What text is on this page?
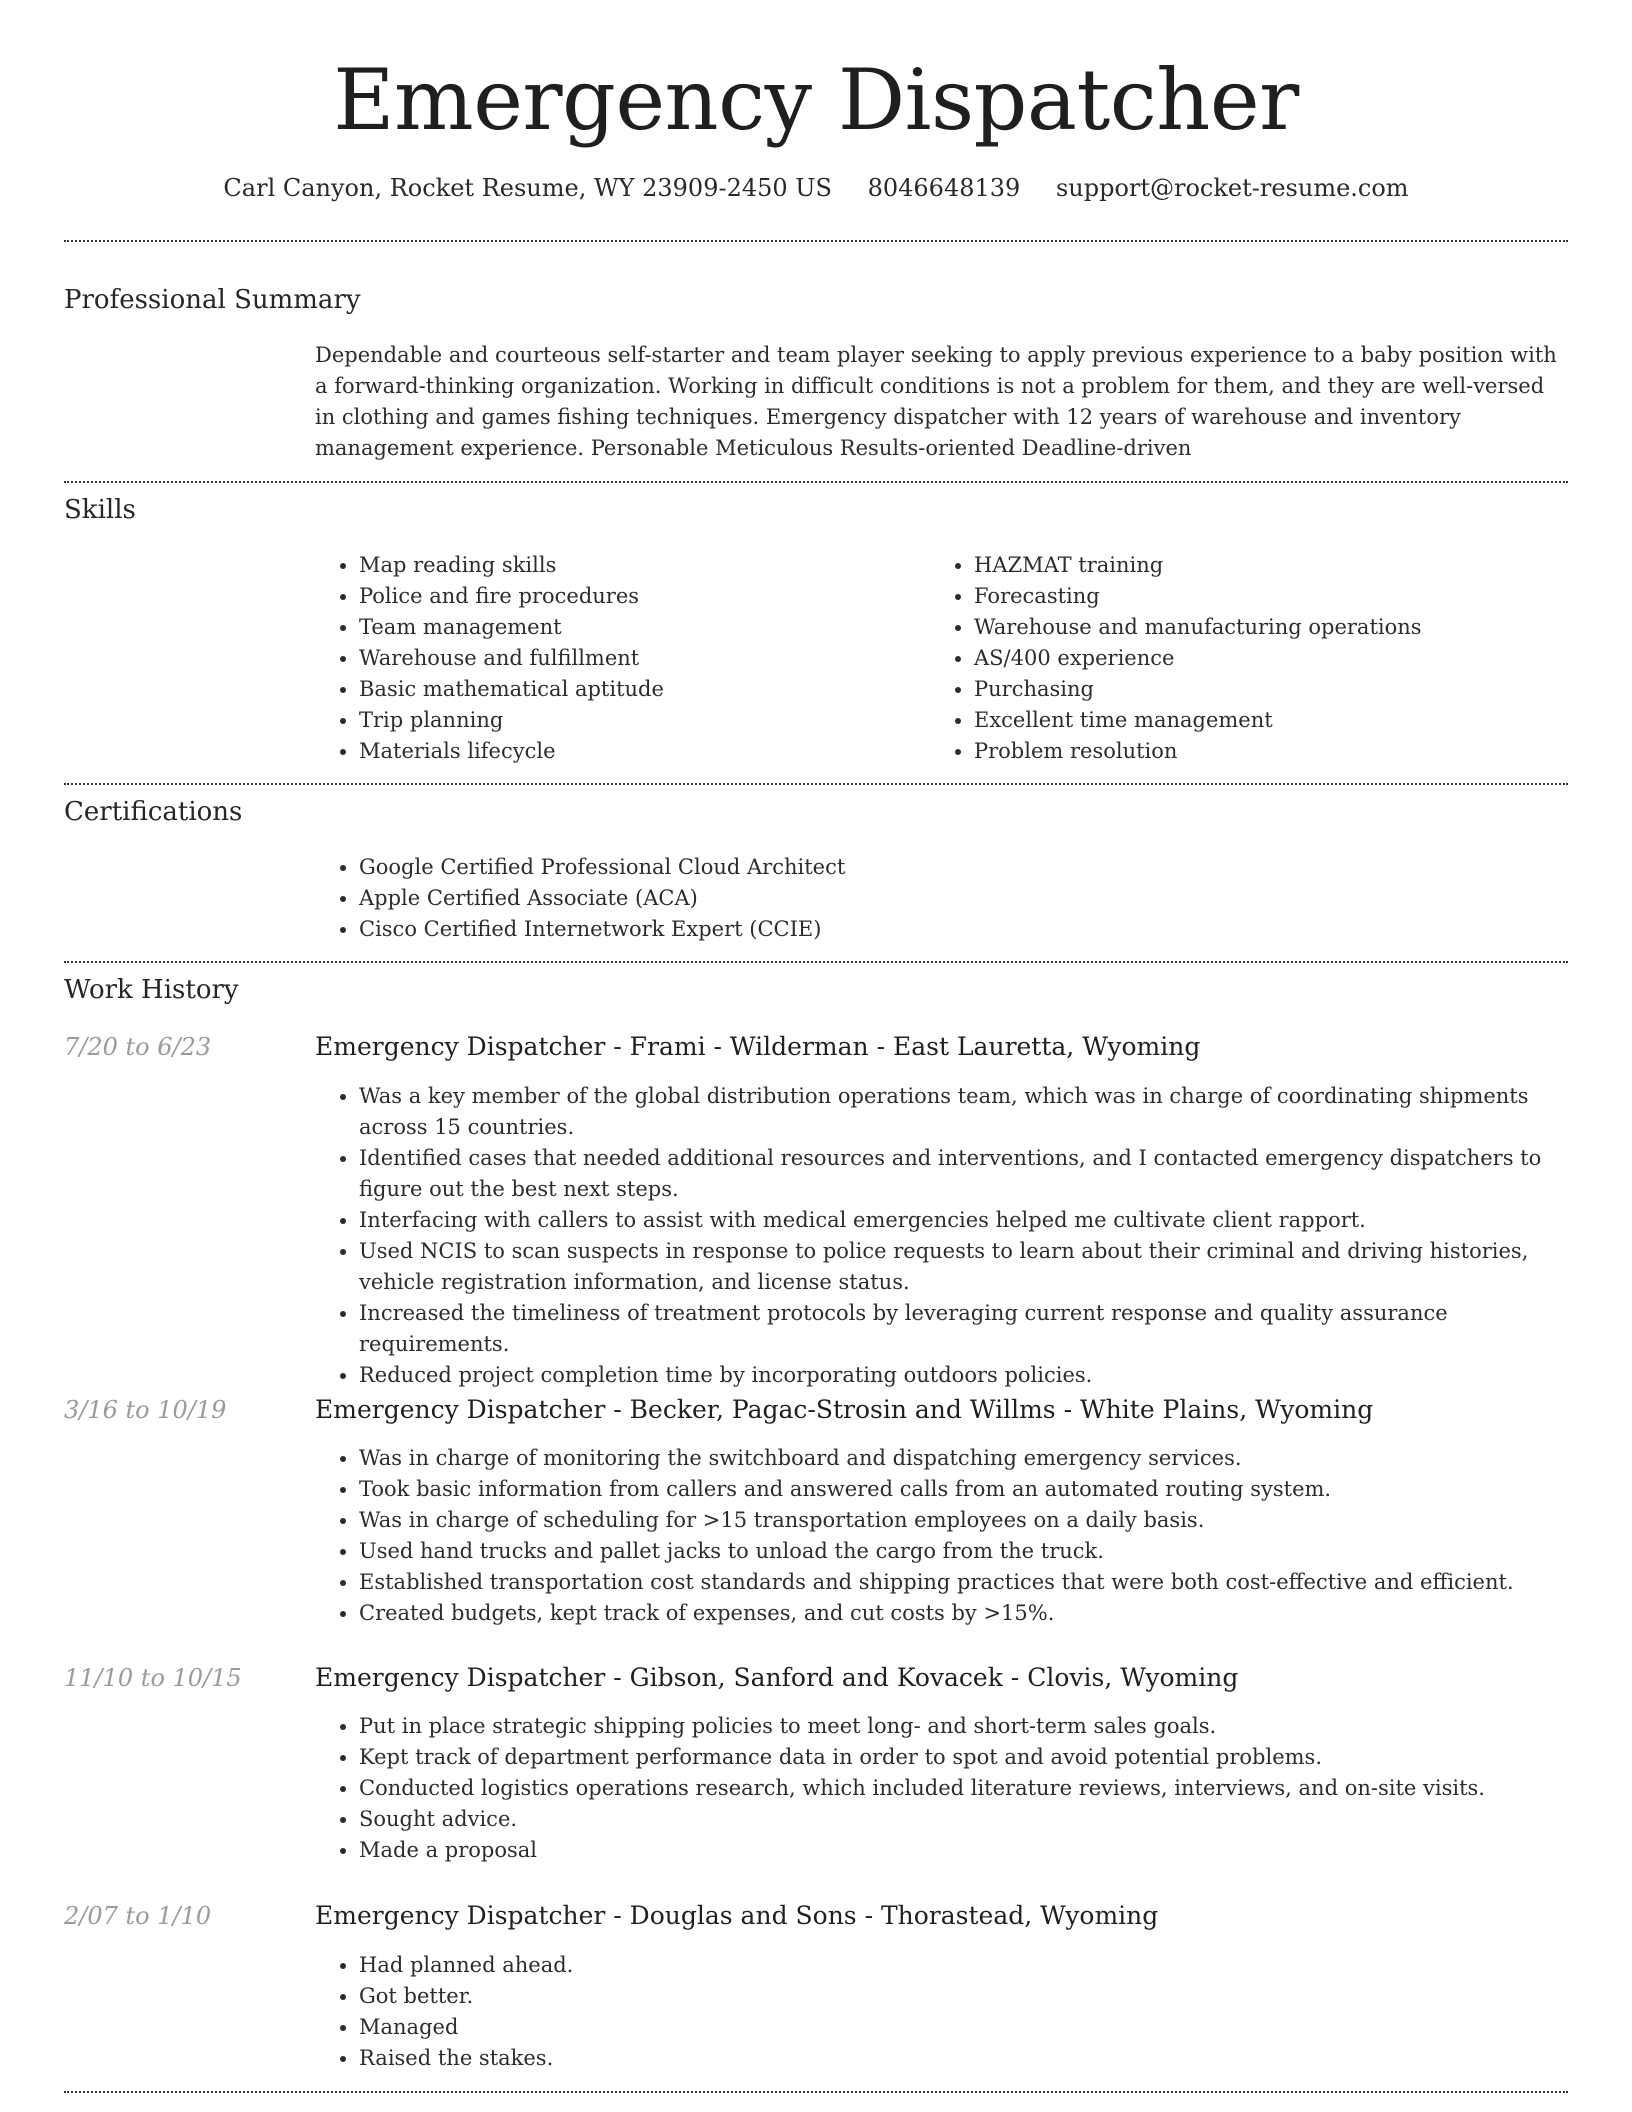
Emergency Dispatcher
Carl Canyon, Rocket Resume, WY 23909-2450 US 8046648139 support@rocket-resume.com
Professional Summary

Dependable and courteous self-starter and team player seeking to apply previous experience to a baby position with a forward-thinking organization. Working in difficult conditions is not a problem for them, and they are well-versed in clothing and games fishing techniques. Emergency dispatcher with 12 years of warehouse and inventory management experience. Personable Meticulous Results-oriented Deadline-driven

Skills
• Map reading skills
• Police and fire procedures
• Team management
• Warehouse and fulfillment
• Basic mathematical aptitude
• Trip planning
• Materials lifecycle
• HAZMAT training
• Forecasting
• Warehouse and manufacturing operations
• AS/400 experience
• Purchasing
• Excellent time management
• Problem resolution
Certifications
• Google Certified Professional Cloud Architect
• Apple Certified Associate (ACA)
• Cisco Certified Internetwork Expert (CCIE)
Work History
7/20 to 6/23	Emergency Dispatcher - Frami - Wilderman - East Lauretta, Wyoming
• Was a key member of the global distribution operations team, which was in charge of coordinating shipments across 15 countries.
• Identified cases that needed additional resources and interventions, and I contacted emergency dispatchers to figure out the best next steps.
• Interfacing with callers to assist with medical emergencies helped me cultivate client rapport.
• Used NCIS to scan suspects in response to police requests to learn about their criminal and driving histories, vehicle registration information, and license status.
• Increased the timeliness of treatment protocols by leveraging current response and quality assurance requirements.
• Reduced project completion time by incorporating outdoors policies.
3/16 to 10/19	Emergency Dispatcher - Becker, Pagac-Strosin and Willms - White Plains, Wyoming
• Was in charge of monitoring the switchboard and dispatching emergency services.
• Took basic information from callers and answered calls from an automated routing system.
• Was in charge of scheduling for >15 transportation employees on a daily basis.
• Used hand trucks and pallet jacks to unload the cargo from the truck.
• Established transportation cost standards and shipping practices that were both cost-effective and efficient.
• Created budgets, kept track of expenses, and cut costs by >15%.
11/10 to 10/15	Emergency Dispatcher - Gibson, Sanford and Kovacek - Clovis, Wyoming
• Put in place strategic shipping policies to meet long- and short-term sales goals.
• Kept track of department performance data in order to spot and avoid potential problems.
• Conducted logistics operations research, which included literature reviews, interviews, and on-site visits.
• Sought advice.
• Made a proposal
2/07 to 1/10	Emergency Dispatcher - Douglas and Sons - Thorastead, Wyoming
• Had planned ahead.
• Got better.
• Managed
• Raised the stakes.
